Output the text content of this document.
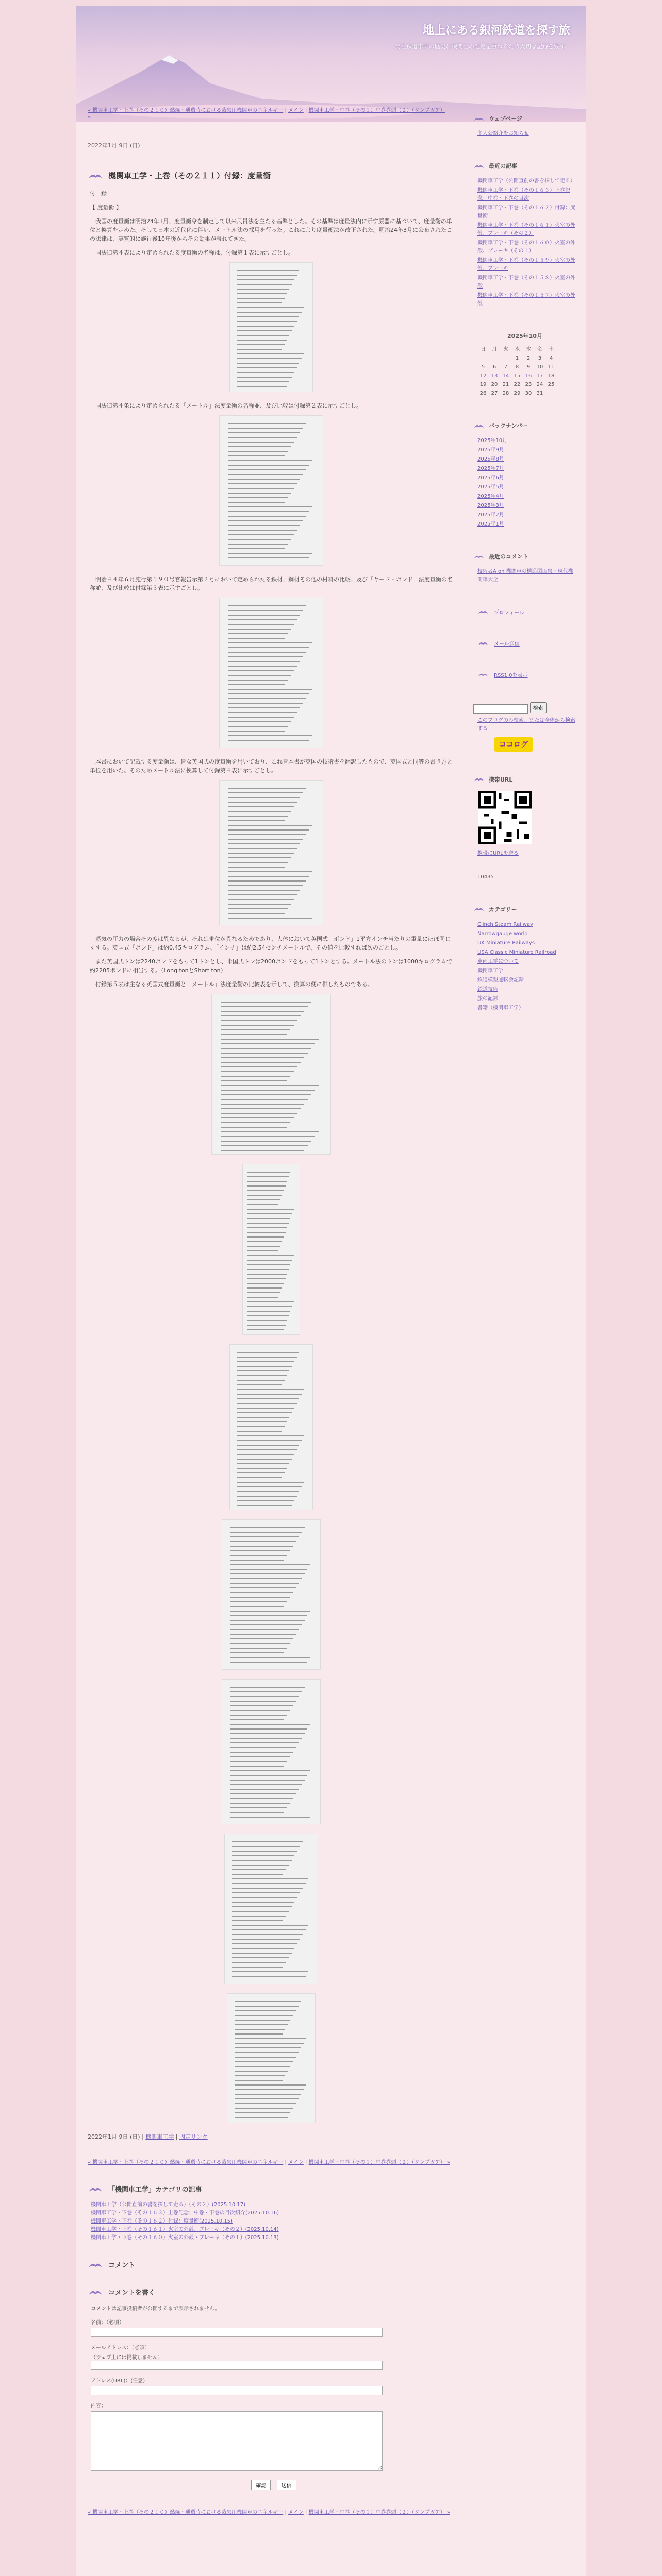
地上にある銀河鉄道を探す旅
実在鉄道車両の歴史に機関士の記憶を重ねるため大切な記録を残す。
« 機関車工学・上巻（その２１０）燃焼・通過時における蒸気圧機関車のエネルギー | メイン | 機関車工学・中巻（その１）中巻巻頭（２）（ダンプガア） »
2022年1月 9日 (日)
機関車工学・上巻（その２１１）付録：度量衡

付　録

【 度量衡 】

　我国の度量衡は明治24年3月、度量衡令を制定して以来尺貫法を主たる基準とした。その基準は度量法内に示す原器に基づいて、度量衡の単位と換算を定めた。そして日本の近代化に伴い、メートル法の採用を行った。これにより度量衡法が改正された。明治24年3月に公布されたこの法律は、実質的に施行後10年後からその効果が表れてきた。

　同法律第４表により定められたる度量衡の名称は、付録第１表に示すごとし。

　同法律第４条により定められたる「メートル」法度量衡の名称並、及び比較は付録第２表に示すごとし。

　明治４４年６月施行第１９０号官報告示第２号において定められたる鉄材、鋼材その他の材料の比較、及び「ヤード・ポンド」法度量衡の名称並、及び比較は付録第３表に示すごとし。

　本書において記載する度量衡は、皆な英国式の度量衡を用いており、これ皆本書が英国の技術書を翻訳したもので、英国式と同等の書き方と単位を用いた。そのためメートル法に換算して付録第４表に示すごとし。

　蒸気の圧力の場合その度は異なるが、それは単位が異なるためであり、大体において英国式「ポンド」1平方インチ当たりの重量にほぼ同じくする。英国式「ポンド」は約0.45キログラム、「インチ」は約2.54センチメートルで、その値を比較すれば次のごとし。

　また英国式トンは2240ポンドをもって1トンとし、米国式トンは2000ポンドをもって1トンとする。メートル法のトンは1000キログラムで約2205ポンドに相当する。（Long tonとShort ton）

　付録第５表は主なる英国式度量衡と「メートル」法度量衡の比較表を示して、換算の便に供したものである。

2022年1月 9日 (日) | 機関車工学 | 固定リンク
« 機関車工学・上巻（その２１０）燃焼・通過時における蒸気圧機関車のエネルギー | メイン | 機関車工学・中巻（その１）中巻巻頭（２）（ダンプガア） »
「機関車工学」カテゴリの記事
機関車工学（公開直前の書を探して走る）（その２）(2025.10.17)
機関車工学・下巻（その１６３）上巻記念：中巻・下巻の目次紹介(2025.10.16)
機関車工学・下巻（その１６２）付録：度量衡(2025.10.15)
機関車工学・下巻（その１６１）火室の外殻、ブレーキ（その２）(2025.10.14)
機関車工学・下巻（その１６０）火室の外殻・ブレーキ（その１）(2025.10.13)
コメント
コメントを書く
コメントは記事投稿者が公開するまで表示されません。
名前：（必須）
メールアドレス：（必須）
（ウェブ上には掲載しません）
アドレス(URL)：(任意)
内容：
確認	送信
« 機関車工学・上巻（その２１０）燃焼・通過時における蒸気圧機関車のエネルギー | メイン | 機関車工学・中巻（その１）中巻巻頭（２）（ダンプガア） »
ウェブページ
主人公紹介をお知らせ
最近の記事
機関車工学（公開直前の書を探して走る）
機関車工学・下巻（その１６３）上巻記念：中巻・下巻の目次
機関車工学・下巻（その１６２）付録：度量衡
機関車工学・下巻（その１６１）火室の外殻、ブレーキ（その２）
機関車工学・下巻（その１６０）火室の外殻、ブレーキ（その１）
機関車工学・下巻（その１５９）火室の外殻、ブレーキ
機関車工学・下巻（その１５８）火室の外殻
機関車工学・下巻（その１５７）火室の外殻
2025年10月
日	月	火	水	木	金	土
			1	2	3	4
5	6	7	8	9	10	11
12	13	14	15	16	17	18
19	20	21	22	23	24	25
26	27	28	29	30	31	
バックナンバー
2025年10月
2025年9月
2025年8月
2025年7月
2025年6月
2025年5月
2025年4月
2025年3月
2025年2月
2025年1月
最近のコメント
技術者A on 機関車の構造図面集・現代機関車大全
プロフィール
メール送信
RSS1.0を表示
検索
このブログのみ検索、または全体から検索する
ココログ
携帯URL
携帯にURLを送る
10435
カテゴリー
Clinch Steam Railway
Narrowgauge world
UK Miniature Railways
USA Classic Miniature Railroad
車両工学について
機関車工学
鉄道模型運転会記録
鉄道技術
旅の記録
書籍（機関車工学）
